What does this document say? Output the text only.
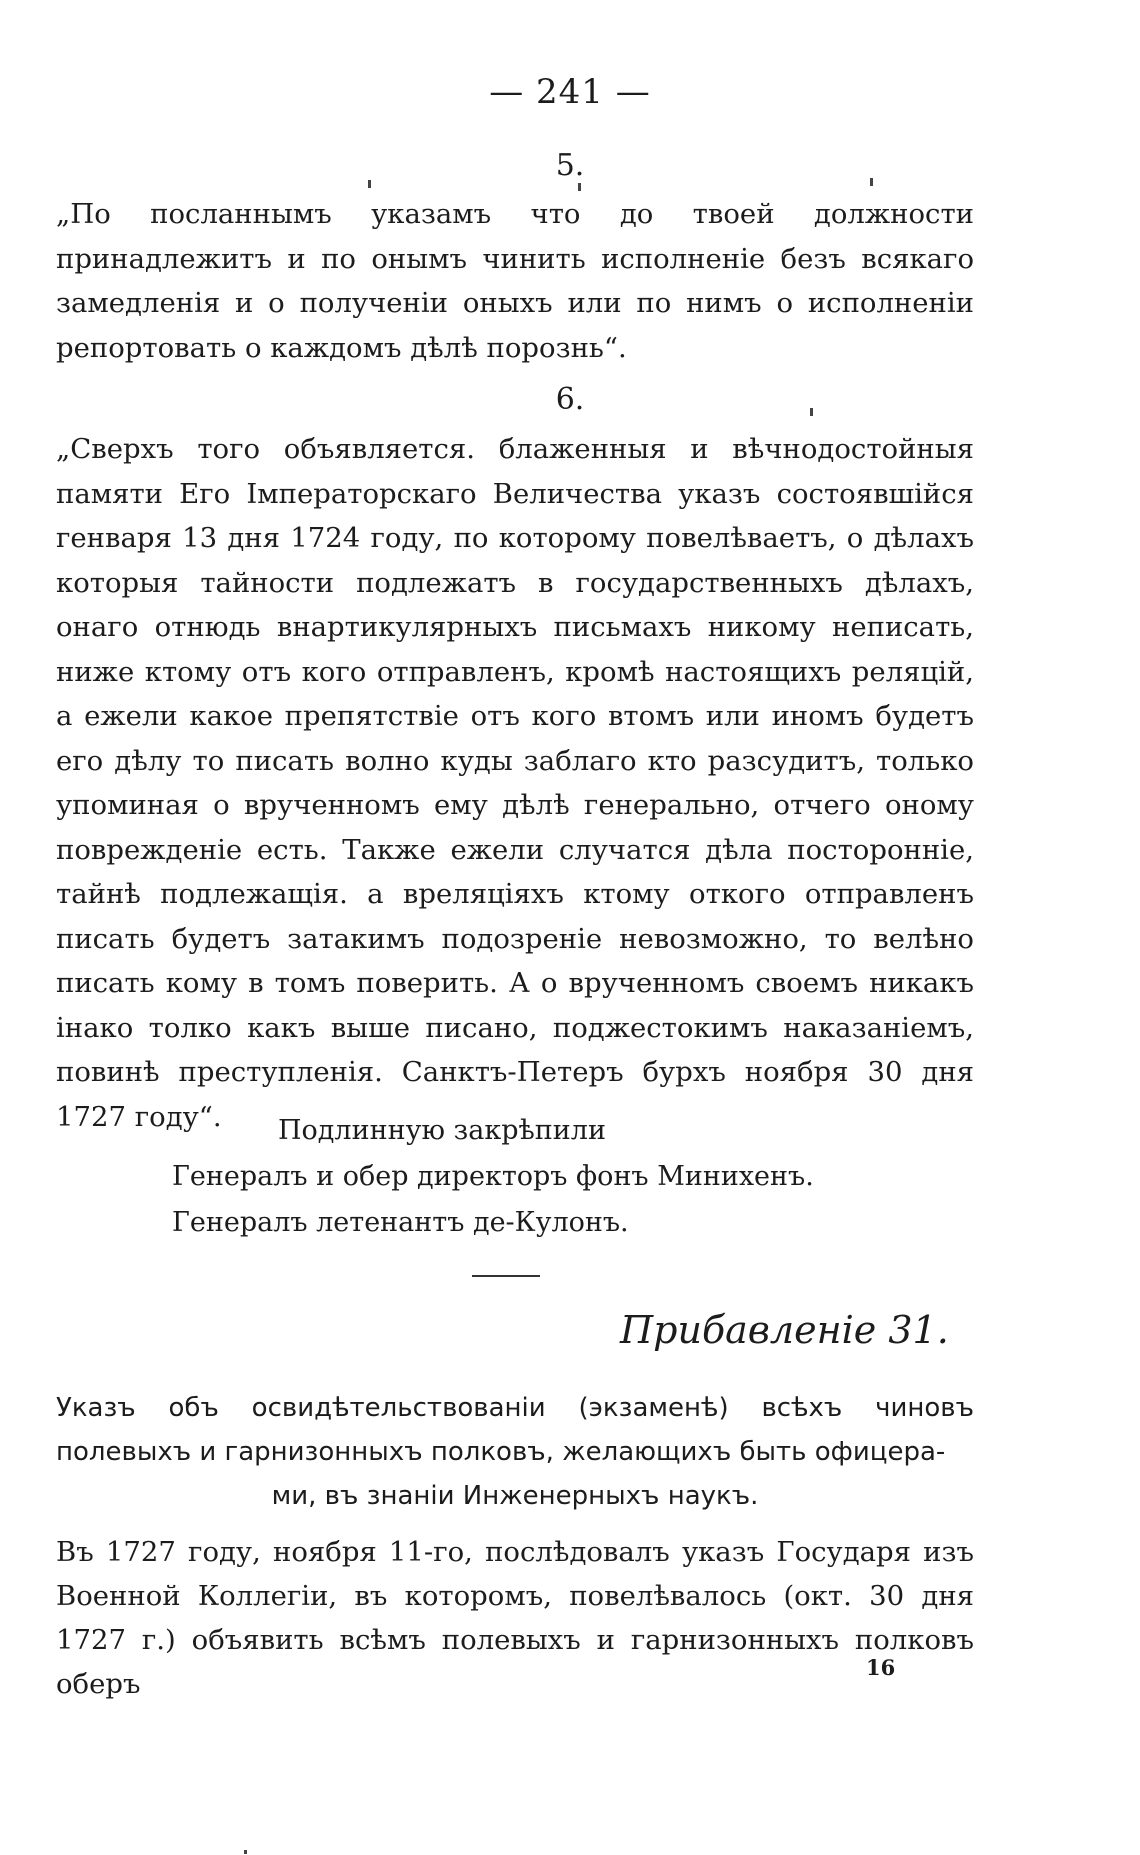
— 241 —
5.

„По посланнымъ указамъ что до твоей должности принадлежитъ и по онымъ чинить исполненіе безъ всякаго замедленія и о полученіи оныхъ или по нимъ о исполненіи репортовать о каждомъ дѣлѣ порознь“.

6.

„Сверхъ того объявляется. блаженныя и вѣчнодостойныя памяти Его Імператорскаго Величества указъ состоявшійся генваря 13 дня 1724 году, по которому повелѣваетъ, о дѣлахъ которыя тайности подлежатъ в государственныхъ дѣлахъ, онаго отнюдь внартикулярныхъ письмахъ никому неписать, ниже ктому отъ кого отправленъ, кромѣ настоящихъ реляцій, а ежели какое препятствіе отъ кого втомъ или иномъ будетъ его дѣлу то писать волно куды заблаго кто разсудитъ, только упоминая о врученномъ ему дѣлѣ генерально, отчего оному поврежденіе есть. Также ежели случатся дѣла посторонніе, тайнѣ подлежащія. а вреляціяхъ ктому откого отправленъ писать будетъ затакимъ подозреніе невозможно, то велѣно писать кому в томъ поверить. А о врученномъ своемъ никакъ інако толко какъ выше писано, поджестокимъ наказаніемъ, повинѣ преступленія. Санктъ-Петеръ бурхъ ноября 30 дня 1727 году“.	Подлинную закрѣпили
Генералъ и обер директоръ фонъ Миниxенъ.
Генералъ летенантъ де-Кулонъ.
Прибавленіе 31.
Указъ объ освидѣтельствованіи (экзаменѣ) всѣхъ чиновъ полевыхъ и гарнизонныхъ полковъ, желающихъ быть офицера-
ми, въ знаніи Инженерныхъ наукъ.

Въ 1727 году, ноября 11-го, послѣдовалъ указъ Государя изъ Военной Коллегіи, въ которомъ, повелѣвалось (окт. 30 дня 1727 г.) объявить всѣмъ полевыхъ и гарнизонныхъ полковъ оберъ

16
